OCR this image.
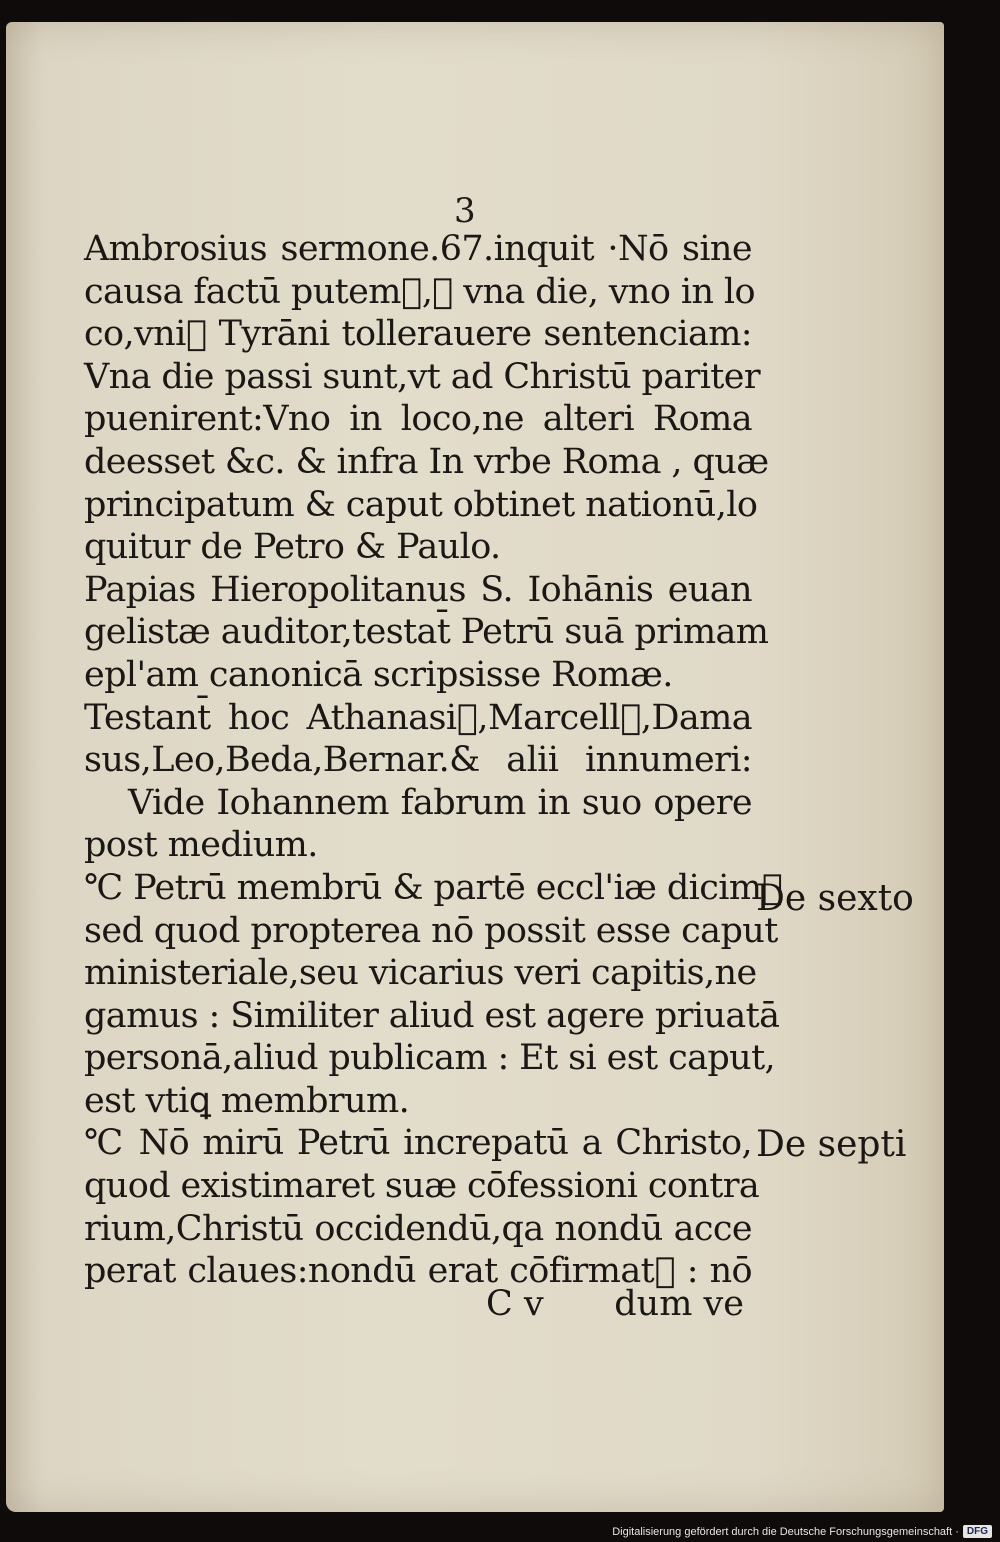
3
Ambrosius sermone.67.inquit ·Nō sine
causa factū putem᷒,ꝙ vna die, vno in lo
co,vni᷒ Tyrāni tollerauere sentenciam:
Vna die passi sunt,vt ad Christū pariter
puenirent:Vno in loco,ne alteri Roma
deesset &c. & infra In vrbe Roma , quæ
principatum & caput obtinet nationū,lo
quitur de Petro & Paulo.
Papias Hieropolitanus S. Iohānis euan
gelistæ auditor,testat̄ Petrū suā primam
epl'am canonicā scripsisse Romæ.
Testant̄ hoc Athanasi᷒,Marcell᷒,Dama
sus,Leo,Beda,Bernar.& alii innumeri:
Vide Iohannem fabrum in suo opere
post medium.
℃ Petrū membrū & partē eccl'iæ dicim᷒
sed quod propterea nō possit esse caput
ministeriale,seu vicarius veri capitis,ne
gamus : Similiter aliud est agere priuatā
personā,aliud publicam : Et si est caput,
est vtiꝗ membrum.
℃ Nō mirū Petrū increpatū a Christo,
quod existimaret suæ cōfessioni contra
rium,Christū occidendū,qa nondū acce
perat claues:nondū erat cōfirmat᷒ : nō
C v dum ve
De sexto
De septi
Digitalisierung gefördert durch die Deutsche Forschungsgemeinschaft · DFG
